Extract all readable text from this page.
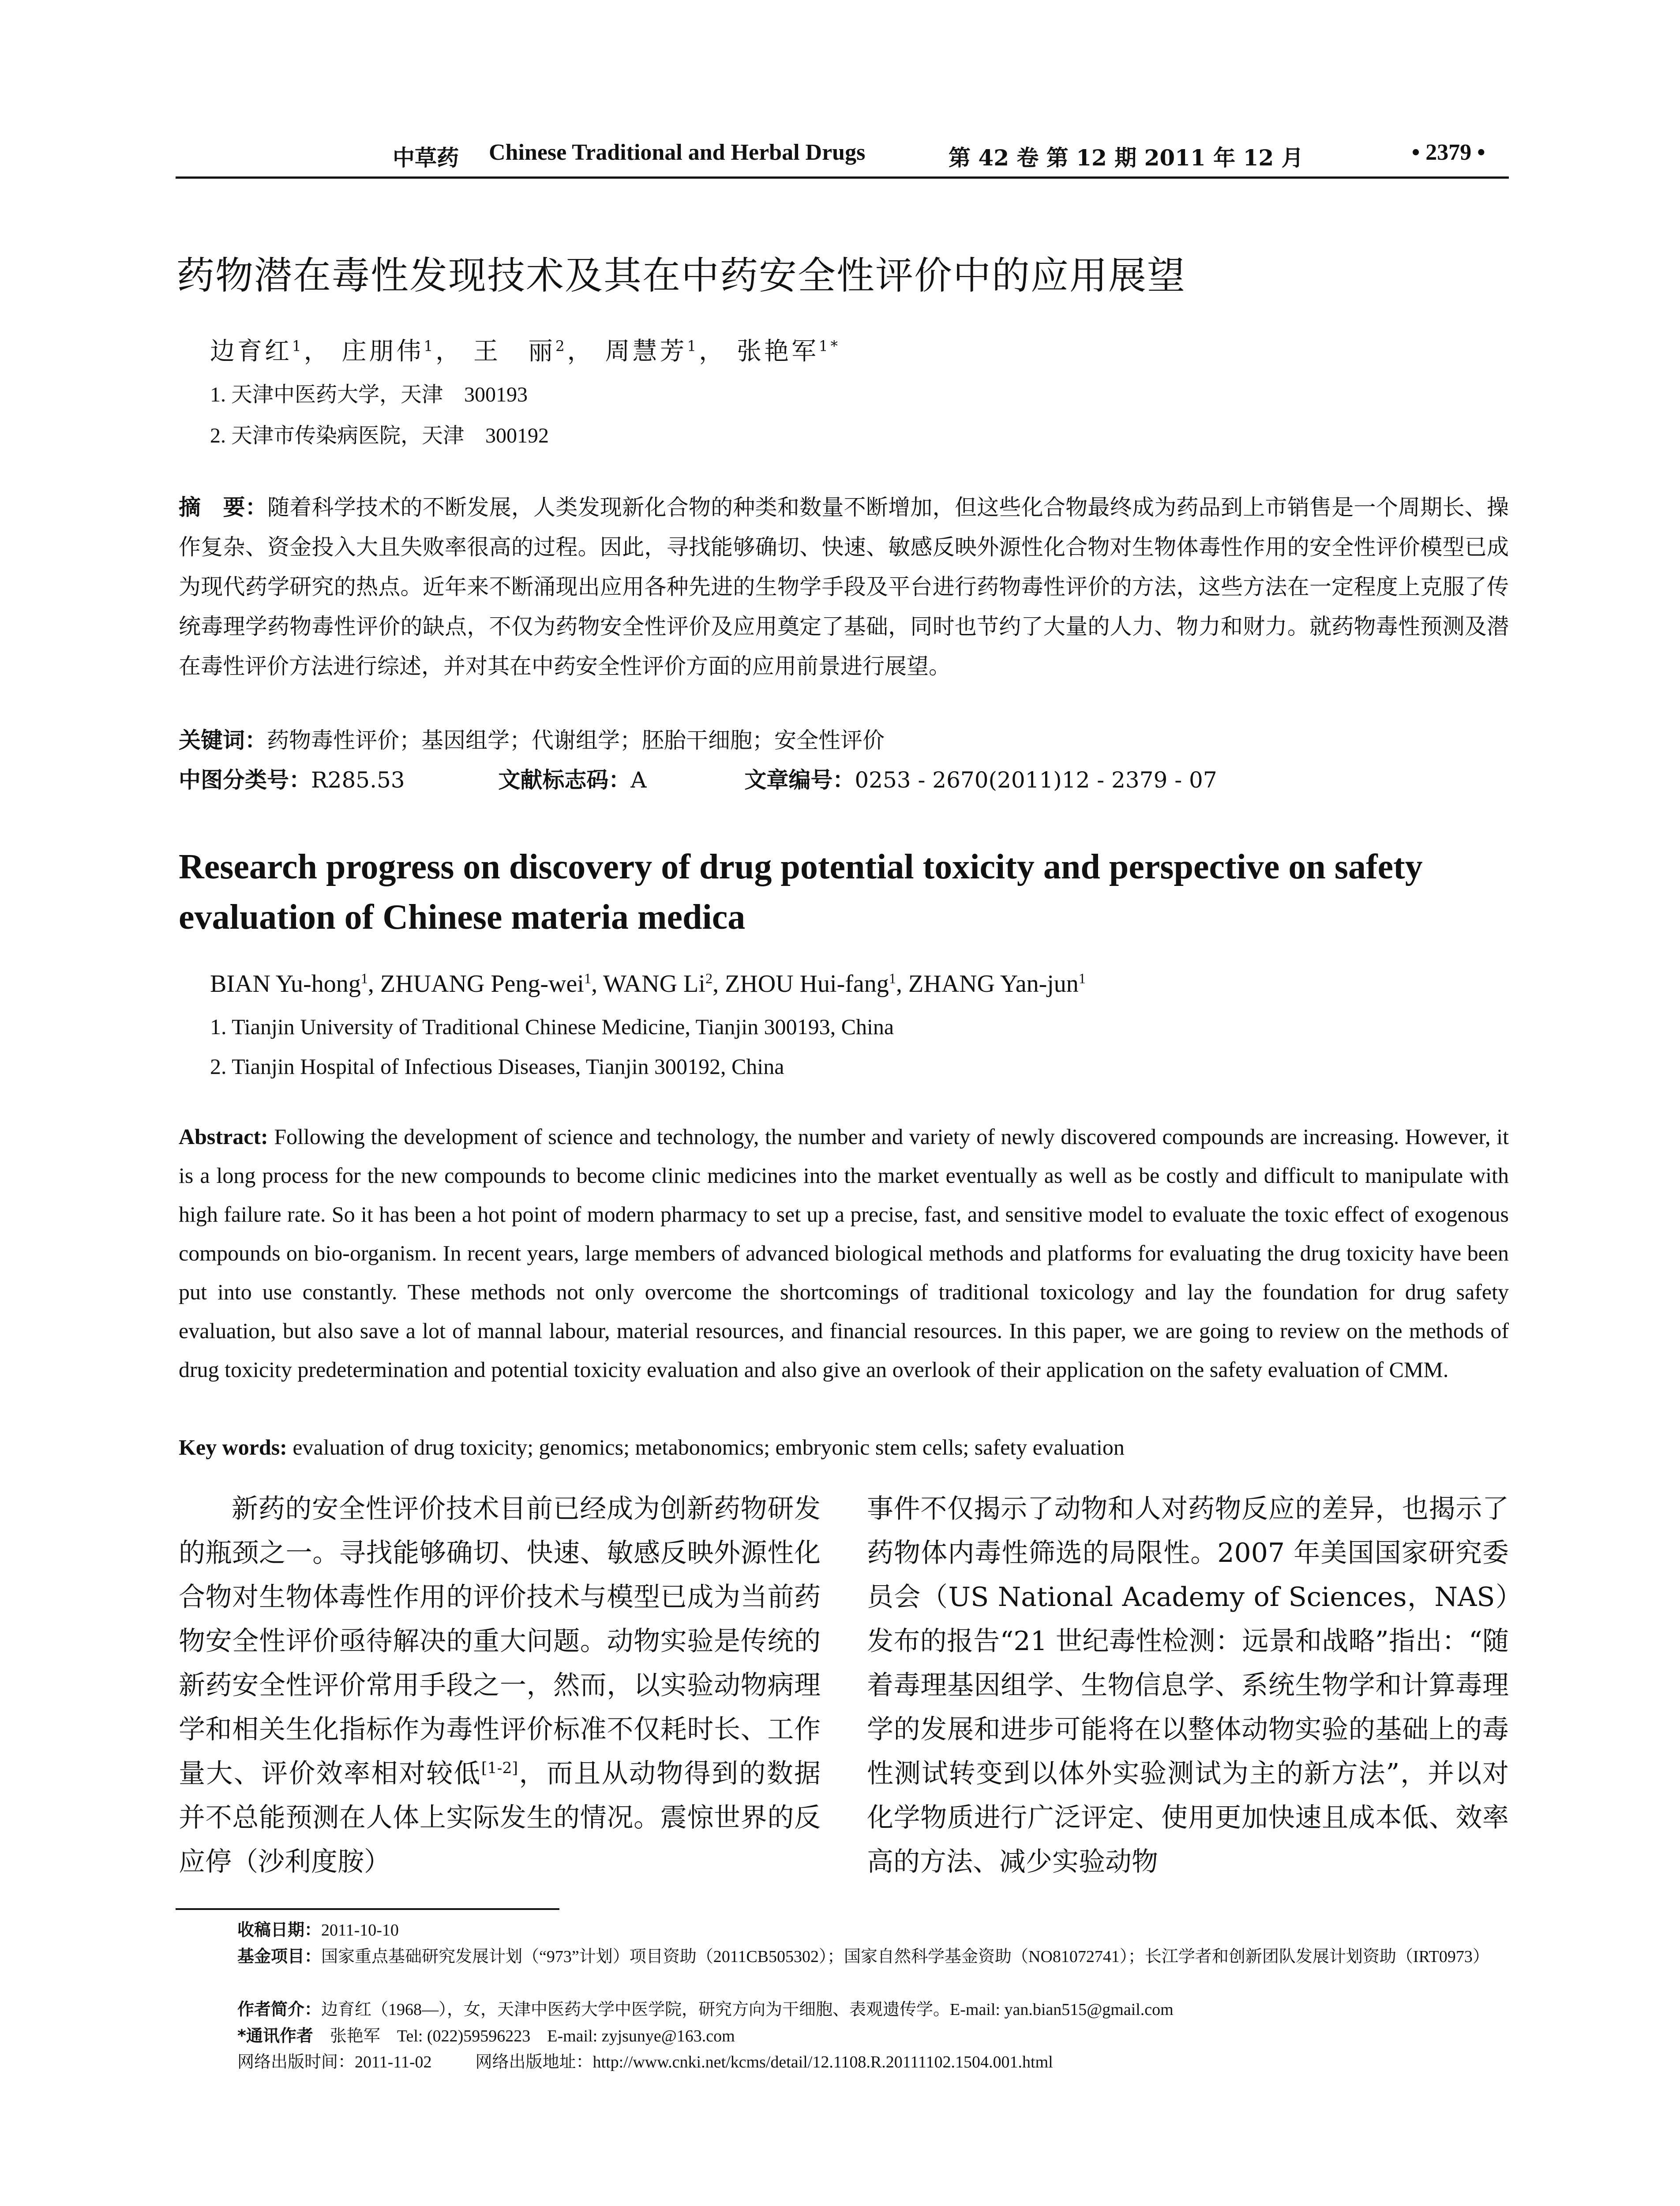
中草药 Chinese Traditional and Herbal Drugs	第 42 卷 第 12 期 2011 年 12 月	• 2379 •
药物潜在毒性发现技术及其在中药安全性评价中的应用展望
边育红$^1$， 庄朋伟$^1$， 王　丽$^2$， 周慧芳$^1$， 张艳军$^{1*}$
1. 天津中医药大学，天津　300193
2. 天津市传染病医院，天津　300192
摘　要：随着科学技术的不断发展，人类发现新化合物的种类和数量不断增加，但这些化合物最终成为药品到上市销售是一个周期长、操作复杂、资金投入大且失败率很高的过程。因此，寻找能够确切、快速、敏感反映外源性化合物对生物体毒性作用的安全性评价模型已成为现代药学研究的热点。近年来不断涌现出应用各种先进的生物学手段及平台进行药物毒性评价的方法，这些方法在一定程度上克服了传统毒理学药物毒性评价的缺点，不仅为药物安全性评价及应用奠定了基础，同时也节约了大量的人力、物力和财力。就药物毒性预测及潜在毒性评价方法进行综述，并对其在中药安全性评价方面的应用前景进行展望。
关键词：药物毒性评价；基因组学；代谢组学；胚胎干细胞；安全性评价
中图分类号：R285.53	文献标志码：A	文章编号：0253 - 2670(2011)12 - 2379 - 07
Research progress on discovery of drug potential toxicity and perspective on safety
evaluation of Chinese materia medica
BIAN Yu-hong$^1$, ZHUANG Peng-wei$^1$, WANG Li$^2$, ZHOU Hui-fang$^1$, ZHANG Yan-jun$^1$
1. Tianjin University of Traditional Chinese Medicine, Tianjin 300193, China
2. Tianjin Hospital of Infectious Diseases, Tianjin 300192, China
Abstract: Following the development of science and technology, the number and variety of newly discovered compounds are increasing. However, it is a long process for the new compounds to become clinic medicines into the market eventually as well as be costly and difficult to manipulate with high failure rate. So it has been a hot point of modern pharmacy to set up a precise, fast, and sensitive model to evaluate the toxic effect of exogenous compounds on bio-organism. In recent years, large members of advanced biological methods and platforms for evaluating the drug toxicity have been put into use constantly. These methods not only overcome the shortcomings of traditional toxicology and lay the foundation for drug safety evaluation, but also save a lot of mannal labour, material resources, and financial resources. In this paper, we are going to review on the methods of drug toxicity predetermination and potential toxicity evaluation and also give an overlook of their application on the safety evaluation of CMM.
Key words: evaluation of drug toxicity; genomics; metabonomics; embryonic stem cells; safety evaluation
新药的安全性评价技术目前已经成为创新药物研发的瓶颈之一。寻找能够确切、快速、敏感反映外源性化合物对生物体毒性作用的评价技术与模型已成为当前药物安全性评价亟待解决的重大问题。动物实验是传统的新药安全性评价常用手段之一，然而，以实验动物病理学和相关生化指标作为毒性评价标准不仅耗时长、工作量大、评价效率相对较低[1-2]，而且从动物得到的数据并不总能预测在人体上实际发生的情况。震惊世界的反应停（沙利度胺）
事件不仅揭示了动物和人对药物反应的差异，也揭示了药物体内毒性筛选的局限性。2007 年美国国家研究委员会（US National Academy of Sciences，NAS）发布的报告“21 世纪毒性检测：远景和战略”指出：“随着毒理基因组学、生物信息学、系统生物学和计算毒理学的发展和进步可能将在以整体动物实验的基础上的毒性测试转变到以体外实验测试为主的新方法”，并以对化学物质进行广泛评定、使用更加快速且成本低、效率高的方法、减少实验动物
收稿日期：2011-10-10
基金项目：国家重点基础研究发展计划（“973”计划）项目资助（2011CB505302）；国家自然科学基金资助（NO81072741）；长江学者和创新团队发展计划资助（IRT0973）
作者简介：边育红（1968—），女，天津中医药大学中医学院，研究方向为干细胞、表观遗传学。E-mail: yan.bian515@gmail.com
*通讯作者　 张艳军　Tel: (022)59596223　E-mail: zyjsunye@163.com
网络出版时间：2011-11-02	网络出版地址：http://www.cnki.net/kcms/detail/12.1108.R.20111102.1504.001.html
